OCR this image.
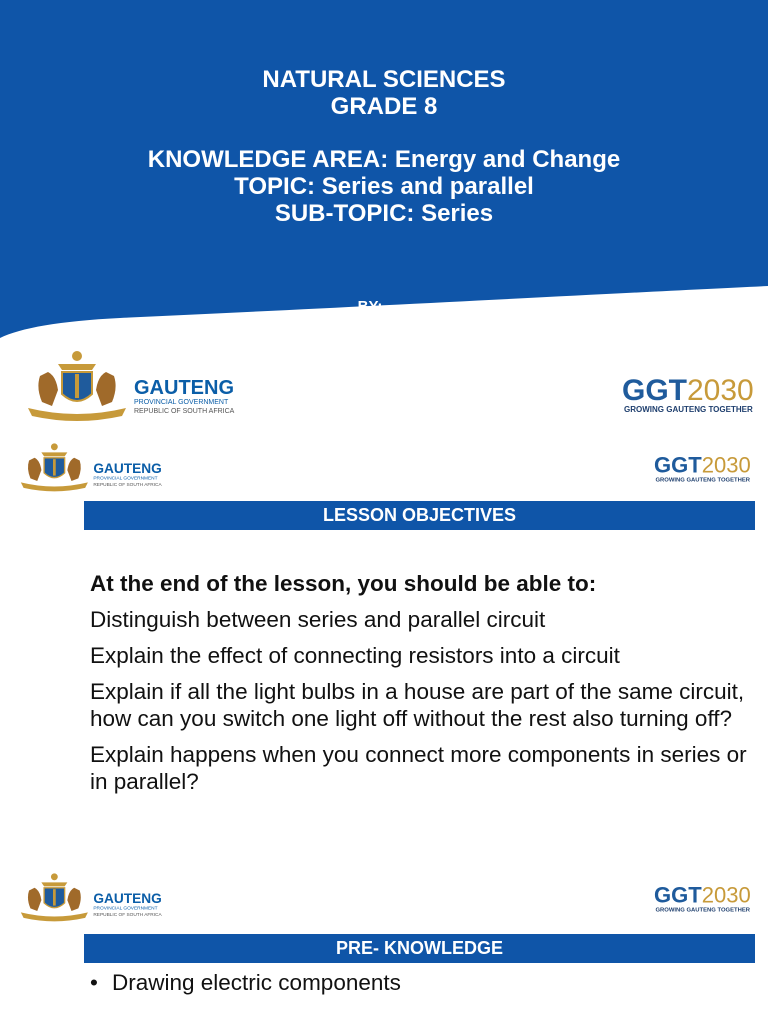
NATURAL SCIENCES
GRADE 8
KNOWLEDGE AREA: Energy and Change
TOPIC: Series and parallel
SUB-TOPIC: Series
BY:
GAUTENG
PROVINCIAL GOVERNMENT
REPUBLIC OF SOUTH AFRICA
GGT2030
GROWING GAUTENG TOGETHER
GAUTENG
PROVINCIAL GOVERNMENT
REPUBLIC OF SOUTH AFRICA
GGT2030
GROWING GAUTENG TOGETHER
LESSON OBJECTIVES
At the end of the lesson, you should be able to:
Distinguish between series and parallel circuit
Explain the effect of connecting resistors into a circuit
Explain if all the light bulbs in a house are part of the same circuit, how can you switch one light off without the rest also turning off?
Explain happens when you connect more components in series or in parallel?
GAUTENG
PROVINCIAL GOVERNMENT
REPUBLIC OF SOUTH AFRICA
GGT2030
GROWING GAUTENG TOGETHER
PRE- KNOWLEDGE
• Drawing electric components
